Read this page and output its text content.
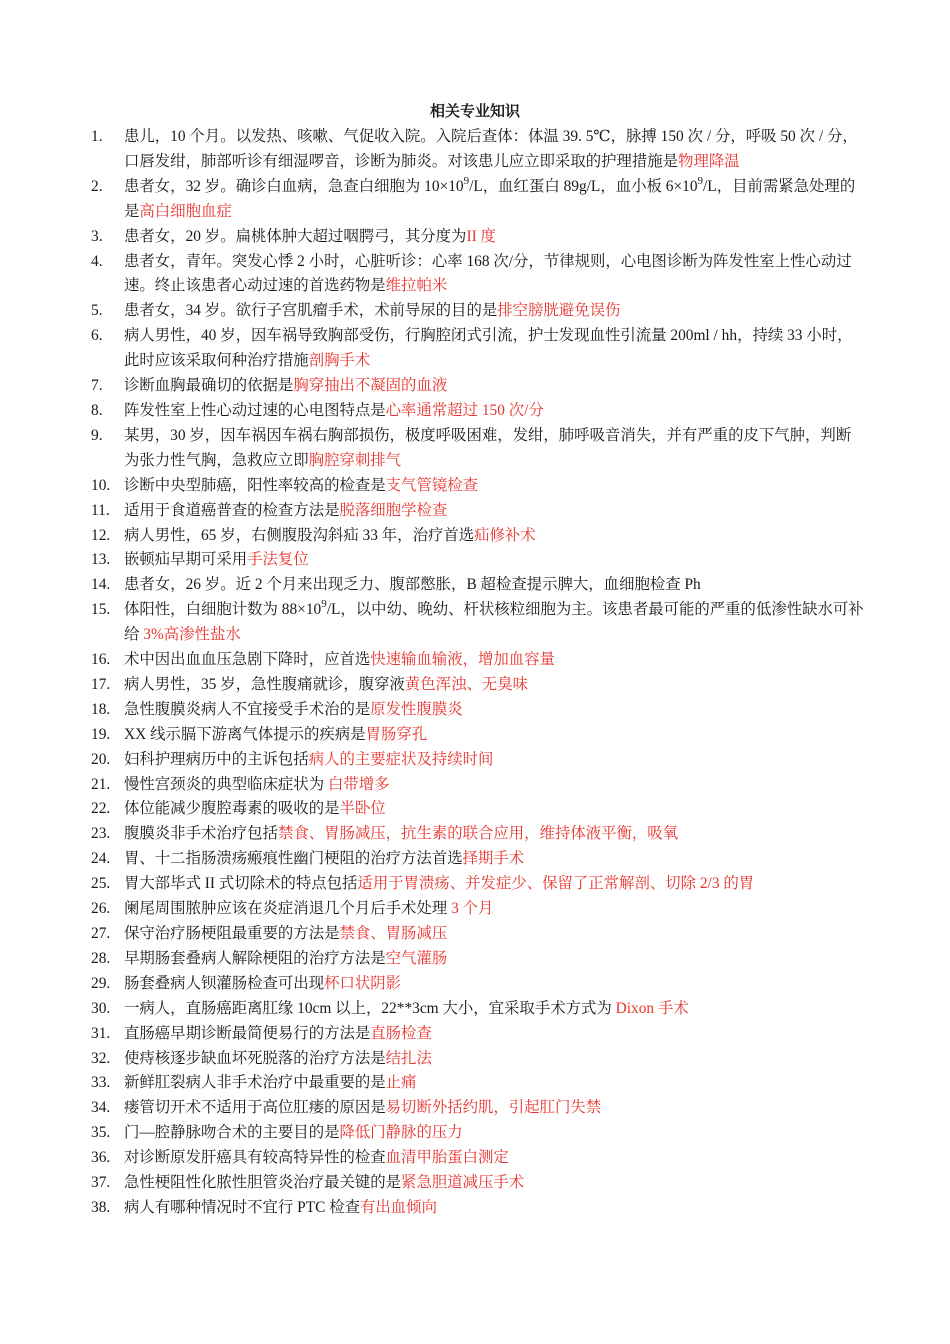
相关专业知识
1. 患儿，10 个月。以发热、咳嗽、气促收入院。入院后查体：体温 39. 5℃，脉搏 150 次 / 分，呼吸 50 次 / 分，口唇发绀，肺部听诊有细湿啰音，诊断为肺炎。对该患儿应立即采取的护理措施是物理降温
2. 患者女，32 岁。确诊白血病，急查白细胞为 $10\times 10^9/L$，血红蛋白 89g/L，血小板 $6\times 10^9/L$，目前需紧急处理的是高白细胞血症
3. 患者女，20 岁。扁桃体肿大超过咽腭弓，其分度为II 度
4. 患者女，青年。突发心悸 2 小时，心脏听诊：心率 168 次/分，节律规则，心电图诊断为阵发性室上性心动过速。终止该患者心动过速的首选药物是维拉帕米
5. 患者女，34 岁。欲行子宫肌瘤手术，术前导尿的目的是排空膀胱避免误伤
6. 病人男性，40 岁，因车祸导致胸部受伤，行胸腔闭式引流，护士发现血性引流量 200ml / hh，持续 33 小时，此时应该采取何种治疗措施剖胸手术
7. 诊断血胸最确切的依据是胸穿抽出不凝固的血液
8. 阵发性室上性心动过速的心电图特点是心率通常超过 150 次/分
9. 某男，30 岁，因车祸因车祸右胸部损伤，极度呼吸困难，发绀，肺呼吸音消失，并有严重的皮下气肿，判断为张力性气胸，急救应立即胸腔穿刺排气
10. 诊断中央型肺癌，阳性率较高的检查是支气管镜检查
11. 适用于食道癌普查的检查方法是脱落细胞学检查
12. 病人男性，65 岁，右侧腹股沟斜疝 33 年，治疗首选疝修补术
13. 嵌顿疝早期可采用手法复位
14. 患者女，26 岁。近 2 个月来出现乏力、腹部憋胀，B 超检查提示脾大，血细胞检查 Ph
15. 体阳性，白细胞计数为 $88\times 10^9/L$，以中幼、晚幼、杆状核粒细胞为主。该患者最可能的严重的低渗性缺水可补给 3%高渗性盐水
16. 术中因出血血压急剧下降时，应首选快速输血输液，增加血容量
17. 病人男性，35 岁，急性腹痛就诊，腹穿液黄色浑浊、无臭味
18. 急性腹膜炎病人不宜接受手术治的是原发性腹膜炎
19. XX 线示膈下游离气体提示的疾病是胃肠穿孔
20. 妇科护理病历中的主诉包括病人的主要症状及持续时间
21. 慢性宫颈炎的典型临床症状为 白带增多
22. 体位能减少腹腔毒素的吸收的是半卧位
23. 腹膜炎非手术治疗包括禁食、胃肠减压，抗生素的联合应用，维持体液平衡，吸氧
24. 胃、十二指肠溃疡瘢痕性幽门梗阻的治疗方法首选择期手术
25. 胃大部毕式 II 式切除术的特点包括适用于胃溃疡、并发症少、保留了正常解剖、切除 2/3 的胃
26. 阑尾周围脓肿应该在炎症消退几个月后手术处理 3 个月
27. 保守治疗肠梗阻最重要的方法是禁食、胃肠减压
28. 早期肠套叠病人解除梗阻的治疗方法是空气灌肠
29. 肠套叠病人钡灌肠检查可出现杯口状阴影
30. 一病人，直肠癌距离肛缘 10cm 以上，22**3cm 大小，宜采取手术方式为 Dixon 手术
31. 直肠癌早期诊断最简便易行的方法是直肠检查
32. 使痔核逐步缺血坏死脱落的治疗方法是结扎法
33. 新鲜肛裂病人非手术治疗中最重要的是止痛
34. 瘘管切开术不适用于高位肛瘘的原因是易切断外括约肌，引起肛门失禁
35. 门—腔静脉吻合术的主要目的是降低门静脉的压力
36. 对诊断原发肝癌具有较高特异性的检查血清甲胎蛋白测定
37. 急性梗阻性化脓性胆管炎治疗最关键的是紧急胆道减压手术
38. 病人有哪种情况时不宜行 PTC 检查有出血倾向
